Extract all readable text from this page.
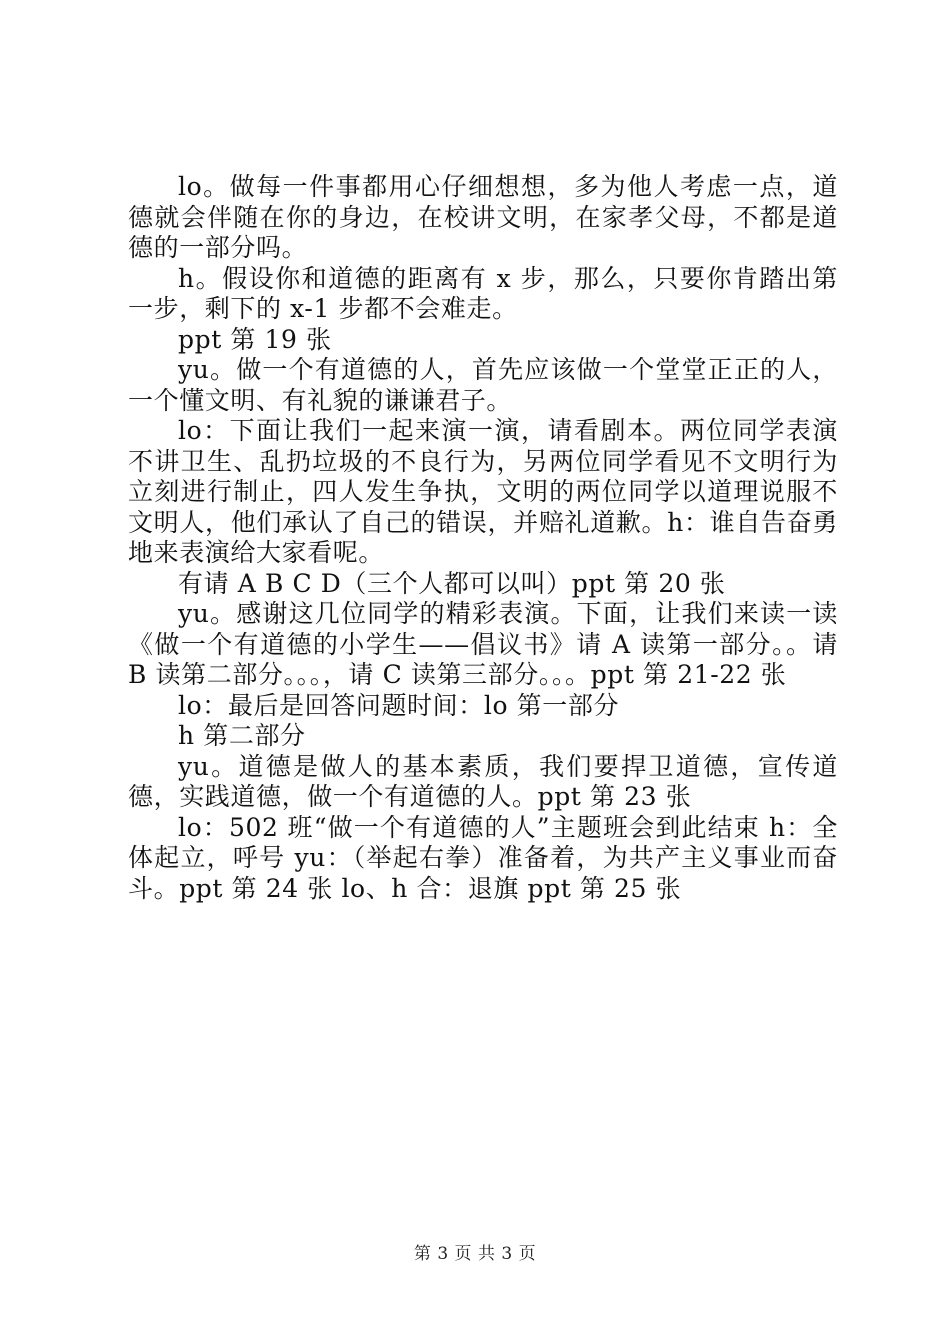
lo。做每一件事都用心仔细想想，多为他人考虑一点，道德就会伴随在你的身边，在校讲文明，在家孝父母，不都是道德的一部分吗。

h。假设你和道德的距离有 x 步，那么，只要你肯踏出第一步，剩下的 x-1 步都不会难走。

ppt 第 19 张

yu。做一个有道德的人，首先应该做一个堂堂正正的人，一个懂文明、有礼貌的谦谦君子。

lo：下面让我们一起来演一演，请看剧本。两位同学表演不讲卫生、乱扔垃圾的不良行为，另两位同学看见不文明行为立刻进行制止，四人发生争执，文明的两位同学以道理说服不文明人，他们承认了自己的错误，并赔礼道歉。h：谁自告奋勇地来表演给大家看呢。

有请 A B C D（三个人都可以叫）ppt 第 20 张

yu。感谢这几位同学的精彩表演。下面，让我们来读一读《做一个有道德的小学生——倡议书》请 A 读第一部分。。请 B 读第二部分。。。，请 C 读第三部分。。。ppt 第 21-22 张

lo：最后是回答问题时间：lo 第一部分

h 第二部分

yu。道德是做人的基本素质，我们要捍卫道德，宣传道德，实践道德，做一个有道德的人。ppt 第 23 张

lo：502 班“做一个有道德的人”主题班会到此结束 h：全体起立，呼号 yu：（举起右拳）准备着，为共产主义事业而奋斗。ppt 第 24 张 lo、h 合：退旗 ppt 第 25 张

第 3 页 共 3 页
